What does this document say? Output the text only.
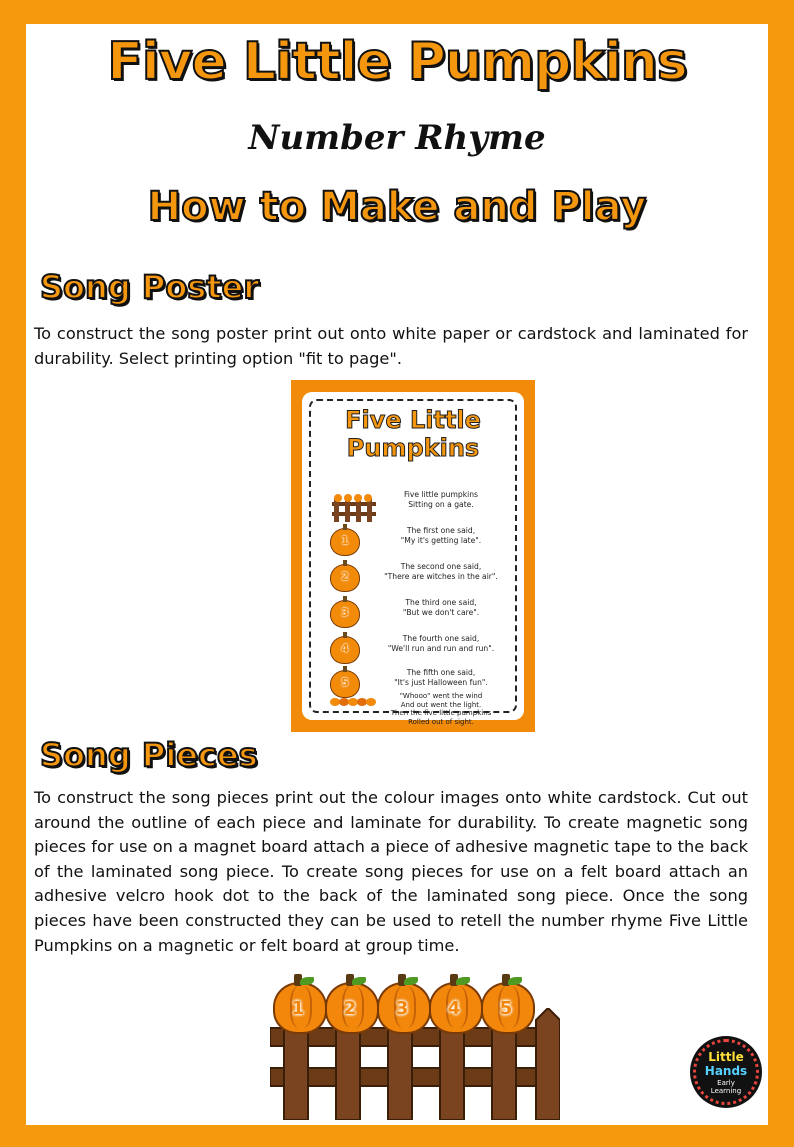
Five Little Pumpkins
Number Rhyme
How to Make and Play
Song Poster

To construct the song poster print out onto white paper or cardstock and laminated for durability. Select printing option "fit to page".

Five Little
Pumpkins
Five little pumpkins
Sitting on a gate.
1
The first one said,
"My it's getting late".
2
The second one said,
"There are witches in the air".
3
The third one said,
"But we don't care".
4
The fourth one said,
"We'll run and run and run".
5
The fifth one said,
"It's just Halloween fun".
"Whooo" went the wind
And out went the light.
Then the five little pumpkins
Rolled out of sight.
Song Pieces

To construct the song pieces print out the colour images onto white cardstock. Cut out around the outline of each piece and laminate for durability. To create magnetic song pieces for use on a magnet board attach a piece of adhesive magnetic tape to the back of the laminated song piece. To create song pieces for use on a felt board attach an adhesive velcro hook dot to the back of the laminated song piece. Once the song pieces have been constructed they can be used to retell the number rhyme Five Little Pumpkins on a magnetic or felt board at group time.

1	2	3	4	5
Little
Hands
Early
Learning
